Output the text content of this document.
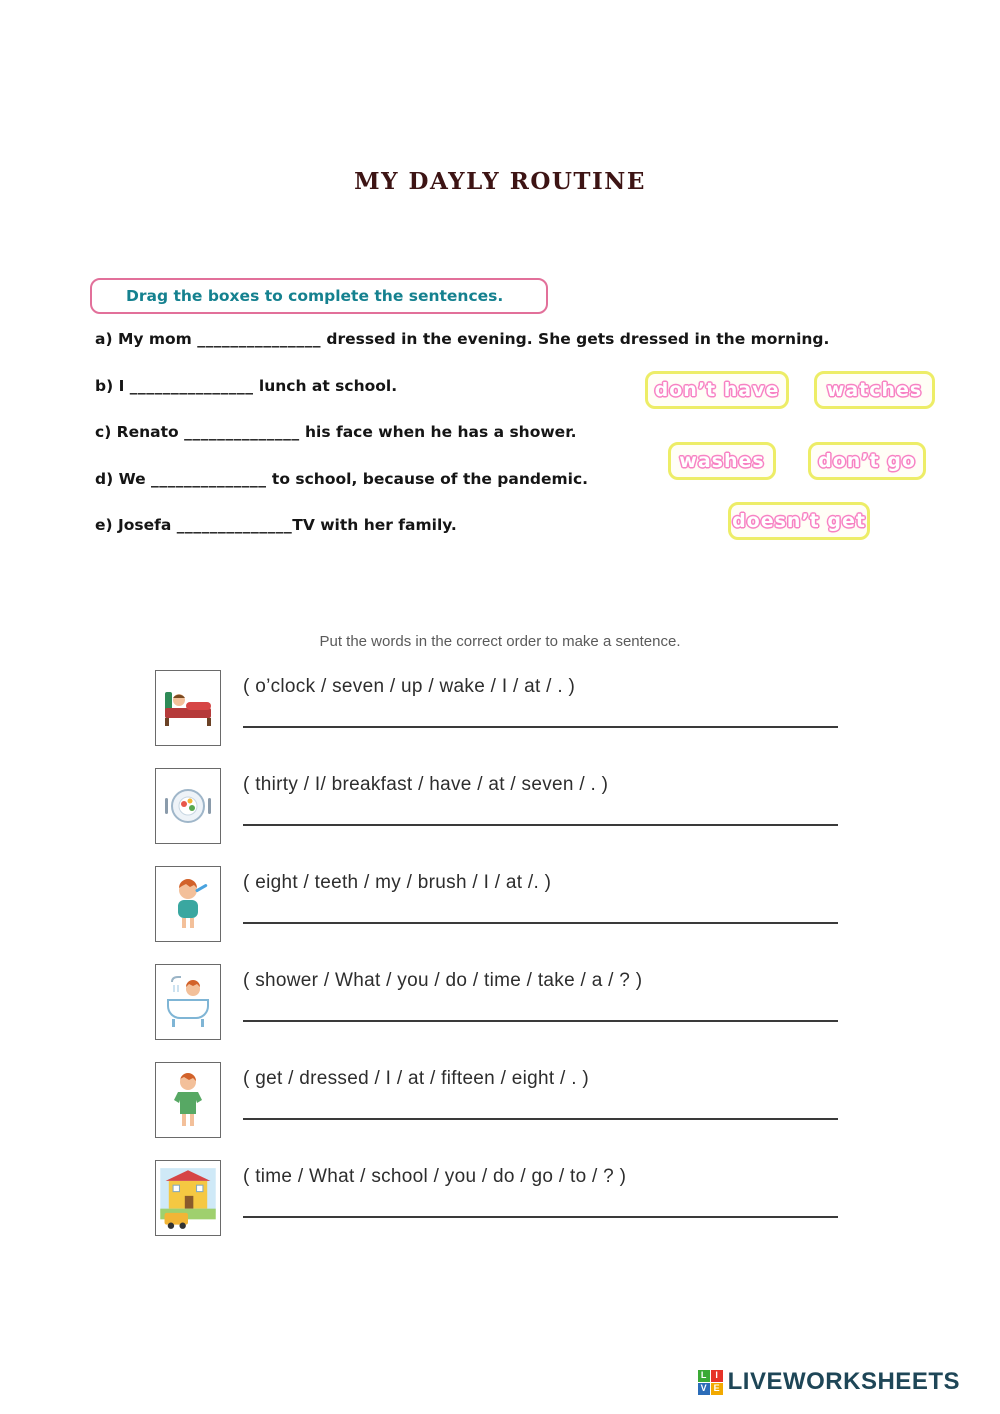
MY DAYLY ROUTINE
Drag the boxes to complete the sentences.
a) My mom _______________ dressed in the evening. She gets dressed in the morning.
b) I _______________ lunch at school.
c) Renato ______________ his face when he has a shower.
d) We ______________ to school, because of the pandemic.
e) Josefa ______________TV with her family.
don’t have	watches
washes	don’t go
doesn’t get
Put the words in the correct order to make a sentence.
( o’clock / seven / up / wake / I / at / . )
( thirty / I/ breakfast / have / at / seven / . )
( eight / teeth / my / brush / I / at /. )
( shower / What / you / do / time / take / a / ? )
( get / dressed / I / at / fifteen / eight / . )
( time / What / school / you / do / go / to / ? )
L I
V E LIVEWORKSHEETS
